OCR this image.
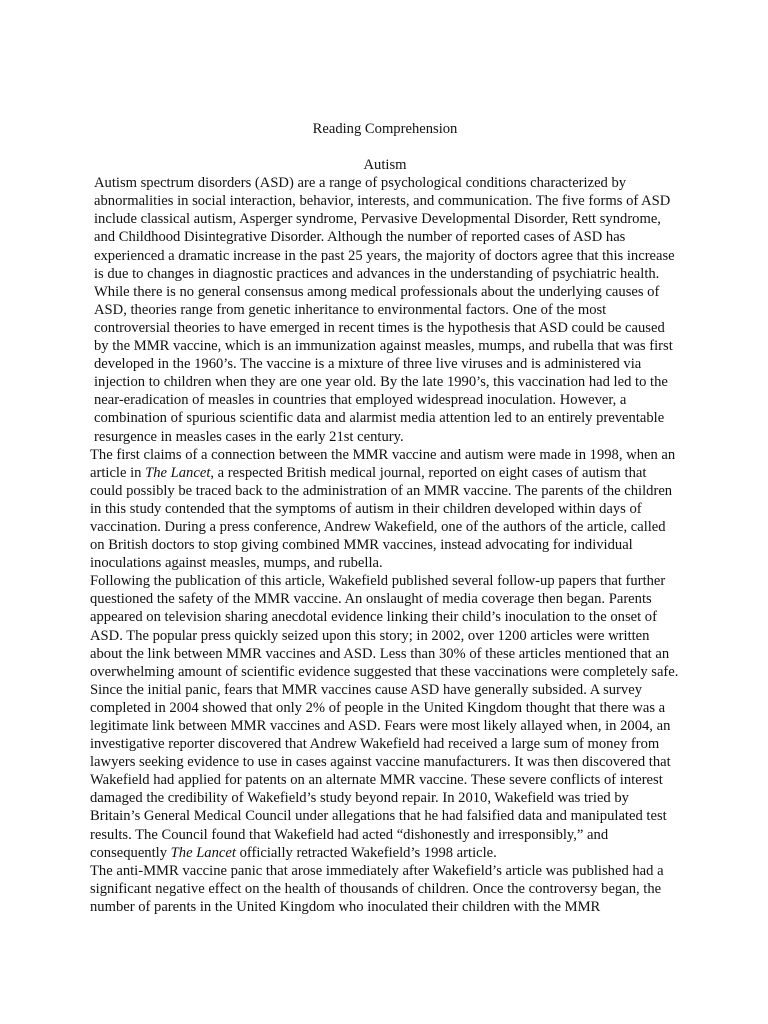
Reading Comprehension
Autism

Autism spectrum disorders (ASD) are a range of psychological conditions characterized by abnormalities in social interaction, behavior, interests, and communication. The five forms of ASD include classical autism, Asperger syndrome, Pervasive Developmental Disorder, Rett syndrome, and Childhood Disintegrative Disorder. Although the number of reported cases of ASD has experienced a dramatic increase in the past 25 years, the majority of doctors agree that this increase is due to changes in diagnostic practices and advances in the understanding of psychiatric health. While there is no general consensus among medical professionals about the underlying causes of ASD, theories range from genetic inheritance to environmental factors. One of the most controversial theories to have emerged in recent times is the hypothesis that ASD could be caused by the MMR vaccine, which is an immunization against measles, mumps, and rubella that was first developed in the 1960’s. The vaccine is a mixture of three live viruses and is administered via injection to children when they are one year old. By the late 1990’s, this vaccination had led to the near-eradication of measles in countries that employed widespread inoculation. However, a combination of spurious scientific data and alarmist media attention led to an entirely preventable resurgence in measles cases in the early 21st century.

The first claims of a connection between the MMR vaccine and autism were made in 1998, when an article in The Lancet, a respected British medical journal, reported on eight cases of autism that could possibly be traced back to the administration of an MMR vaccine. The parents of the children in this study contended that the symptoms of autism in their children developed within days of vaccination. During a press conference, Andrew Wakefield, one of the authors of the article, called on British doctors to stop giving combined MMR vaccines, instead advocating for individual inoculations against measles, mumps, and rubella.

Following the publication of this article, Wakefield published several follow-up papers that further questioned the safety of the MMR vaccine. An onslaught of media coverage then began. Parents appeared on television sharing anecdotal evidence linking their child’s inoculation to the onset of ASD. The popular press quickly seized upon this story; in 2002, over 1200 articles were written about the link between MMR vaccines and ASD. Less than 30% of these articles mentioned that an overwhelming amount of scientific evidence suggested that these vaccinations were completely safe.

Since the initial panic, fears that MMR vaccines cause ASD have generally subsided. A survey completed in 2004 showed that only 2% of people in the United Kingdom thought that there was a legitimate link between MMR vaccines and ASD. Fears were most likely allayed when, in 2004, an investigative reporter discovered that Andrew Wakefield had received a large sum of money from lawyers seeking evidence to use in cases against vaccine manufacturers. It was then discovered that Wakefield had applied for patents on an alternate MMR vaccine. These severe conflicts of interest damaged the credibility of Wakefield’s study beyond repair. In 2010, Wakefield was tried by Britain’s General Medical Council under allegations that he had falsified data and manipulated test results. The Council found that Wakefield had acted “dishonestly and irresponsibly,” and consequently The Lancet officially retracted Wakefield’s 1998 article.

The anti-MMR vaccine panic that arose immediately after Wakefield’s article was published had a significant negative effect on the health of thousands of children. Once the controversy began, the number of parents in the United Kingdom who inoculated their children with the MMR
